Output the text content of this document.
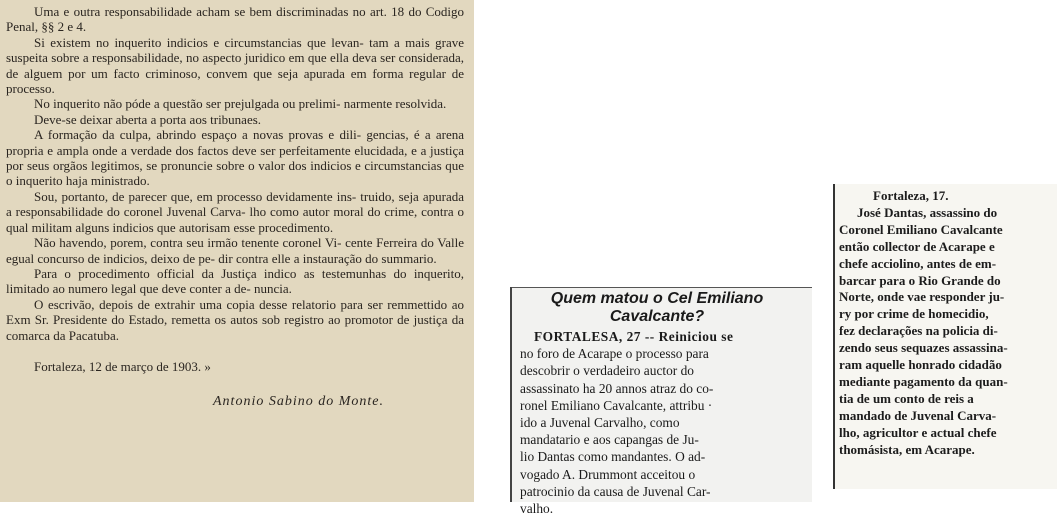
Uma e outra responsabilidade acham se bem discriminadas no art. 18 do Codigo Penal, §§ 2 e 4.

Si existem no inquerito indicios e circumstancias que levan- tam a mais grave suspeita sobre a responsabilidade, no aspecto juridico em que ella deva ser considerada, de alguem por um facto criminoso, convem que seja apurada em forma regular de processo.

No inquerito não póde a questão ser prejulgada ou prelimi- narmente resolvida.

Deve-se deixar aberta a porta aos tribunaes.

A formação da culpa, abrindo espaço a novas provas e dili- gencias, é a arena propria e ampla onde a verdade dos factos deve ser perfeitamente elucidada, e a justiça por seus orgãos legitimos, se pronuncie sobre o valor dos indicios e circumstancias que o inquerito haja ministrado.

Sou, portanto, de parecer que, em processo devidamente ins- truido, seja apurada a responsabilidade do coronel Juvenal Carva- lho como autor moral do crime, contra o qual militam alguns indicios que autorisam esse procedimento.

Não havendo, porem, contra seu irmão tenente coronel Vi- cente Ferreira do Valle egual concurso de indicios, deixo de pe- dir contra elle a instauração do summario.

Para o procedimento official da Justiça indico as testemunhas do inquerito, limitado ao numero legal que deve conter a de- nuncia.

O escrivão, depois de extrahir uma copia desse relatorio para ser remmettido ao Exm Sr. Presidente do Estado, remetta os autos sob registro ao promotor de justiça da comarca da Pacatuba.

Fortaleza, 12 de março de 1903. »

Antonio Sabino do Monte.

Quem matou o Cel Emiliano
Cavalcante?
FORTALESA, 27 -- Reiniciou se
no foro de Acarape o processo para
descobrir o verdadeiro auctor do
assassinato ha 20 annos atraz do co-
ronel Emiliano Cavalcante, attribu ·
ido a Juvenal Carvalho, como
mandatario e aos capangas de Ju-
lio Dantas como mandantes. O ad-
vogado A. Drummont acceitou o
patrocinio da causa de Juvenal Car-
valho.
Fortaleza, 17.
José Dantas, assassino do
Coronel Emiliano Cavalcante
então collector de Acarape e
chefe acciolino, antes de em-
barcar para o Rio Grande do
Norte, onde vae responder ju-
ry por crime de homecidio,
fez declarações na policia di-
zendo seus sequazes assassina-
ram aquelle honrado cidadão
mediante pagamento da quan-
tia de um conto de reis a
mandado de Juvenal Carva-
lho, agricultor e actual chefe
thomásista, em Acarape.
